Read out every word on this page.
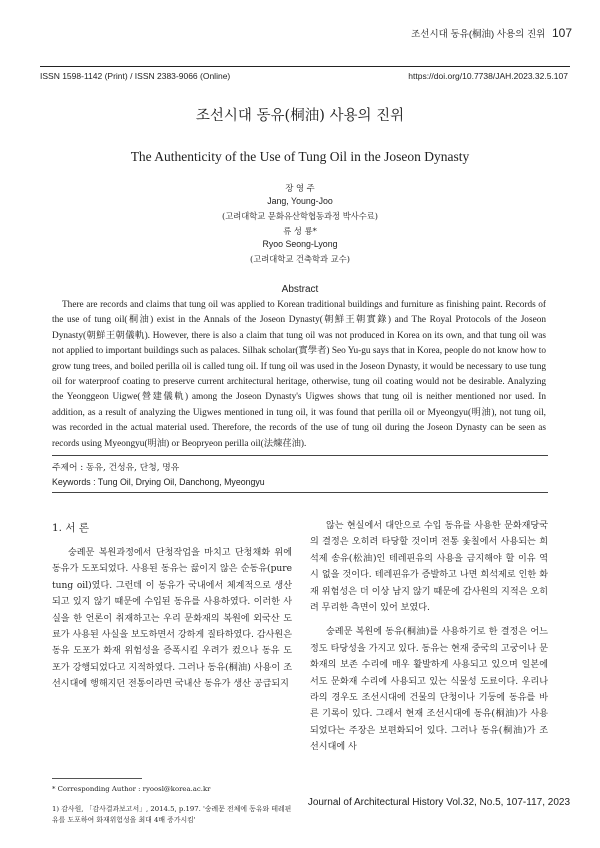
조선시대 동유(桐油) 사용의 진위 107
ISSN 1598-1142 (Print) / ISSN 2383-9066 (Online)	https://doi.org/10.7738/JAH.2023.32.5.107
조선시대 동유(桐油) 사용의 진위
The Authenticity of the Use of Tung Oil in the Joseon Dynasty
장 영 주
Jang, Young-Joo
(고려대학교 문화유산학협동과정 박사수료)
류 성 룡*
Ryoo Seong-Lyong
(고려대학교 건축학과 교수)
Abstract

There are records and claims that tung oil was applied to Korean traditional buildings and furniture as finishing paint. Records of the use of tung oil(桐油) exist in the Annals of the Joseon Dynasty(朝鮮王朝實錄) and The Royal Protocols of the Joseon Dynasty(朝鮮王朝儀軌). However, there is also a claim that tung oil was not produced in Korea on its own, and that tung oil was not applied to important buildings such as palaces. Silhak scholar(實學者) Seo Yu-gu says that in Korea, people do not know how to grow tung trees, and boiled perilla oil is called tung oil. If tung oil was used in the Joseon Dynasty, it would be necessary to use tung oil for waterproof coating to preserve current architectural heritage, otherwise, tung oil coating would not be desirable. Analyzing the Yeonggeon Uigwe(營建儀軌) among the Joseon Dynasty's Uigwes shows that tung oil is neither mentioned nor used. In addition, as a result of analyzing the Uigwes mentioned in tung oil, it was found that perilla oil or Myeongyu(明油), not tung oil, was recorded in the actual material used. Therefore, the records of the use of tung oil during the Joseon Dynasty can be seen as records using Myeongyu(明油) or Beopryeon perilla oil(法煉荏油).

주제어 : 동유, 건성유, 단청, 명유
Keywords : Tung Oil, Drying Oil, Danchong, Myeongyu
1. 서 론

숭례문 복원과정에서 단청작업을 마치고 단청채화 위에 동유가 도포되었다. 사용된 동유는 끓이지 않은 순동유(pure tung oil)였다. 그런데 이 동유가 국내에서 체계적으로 생산되고 있지 않기 때문에 수입된 동유를 사용하였다. 이러한 사실을 한 언론이 취재하고는 우리 문화재의 복원에 외국산 도료가 사용된 사실을 보도하면서 강하게 질타하였다. 감사원은 동유 도포가 화재 위험성을 증폭시킬 우려가 컸으나 동유 도포가 강행되었다고 지적하였다. 그러나 동유(桐油) 사용이 조선시대에 행해지던 전통이라면 국내산 동유가 생산 공급되지

않는 현실에서 대안으로 수입 동유를 사용한 문화재당국의 결정은 오히려 타당할 것이며 전통 옻칠에서 사용되는 희석제 송유(松油)인 테레핀유의 사용을 금지해야 할 이유 역시 없을 것이다. 테레핀유가 증발하고 나면 희석제로 인한 화재 위험성은 더 이상 남지 않기 때문에 감사원의 지적은 오히려 무리한 측면이 있어 보였다.

숭례문 복원에 동유(桐油)를 사용하기로 한 결정은 어느 정도 타당성을 가지고 있다. 동유는 현재 중국의 고궁이나 문화재의 보존 수리에 매우 활발하게 사용되고 있으며 일본에서도 문화재 수리에 사용되고 있는 식물성 도료이다. 우리나라의 경우도 조선시대에 건물의 단청이나 기둥에 동유를 바른 기록이 있다. 그래서 현재 조선시대에 동유(桐油)가 사용되었다는 주장은 보편화되어 있다. 그러나 동유(桐油)가 조선시대에 사

* Corresponding Author : ryoosl@korea.ac.kr
1) 감사원, 「감사결과보고서」, 2014.5, p.197. '숭례문 전체에 동유와 테레핀유를 도포하여 화재위험성을 최대 4배 증가시킴'
Journal of Architectural History Vol.32, No.5, 107-117, 2023
